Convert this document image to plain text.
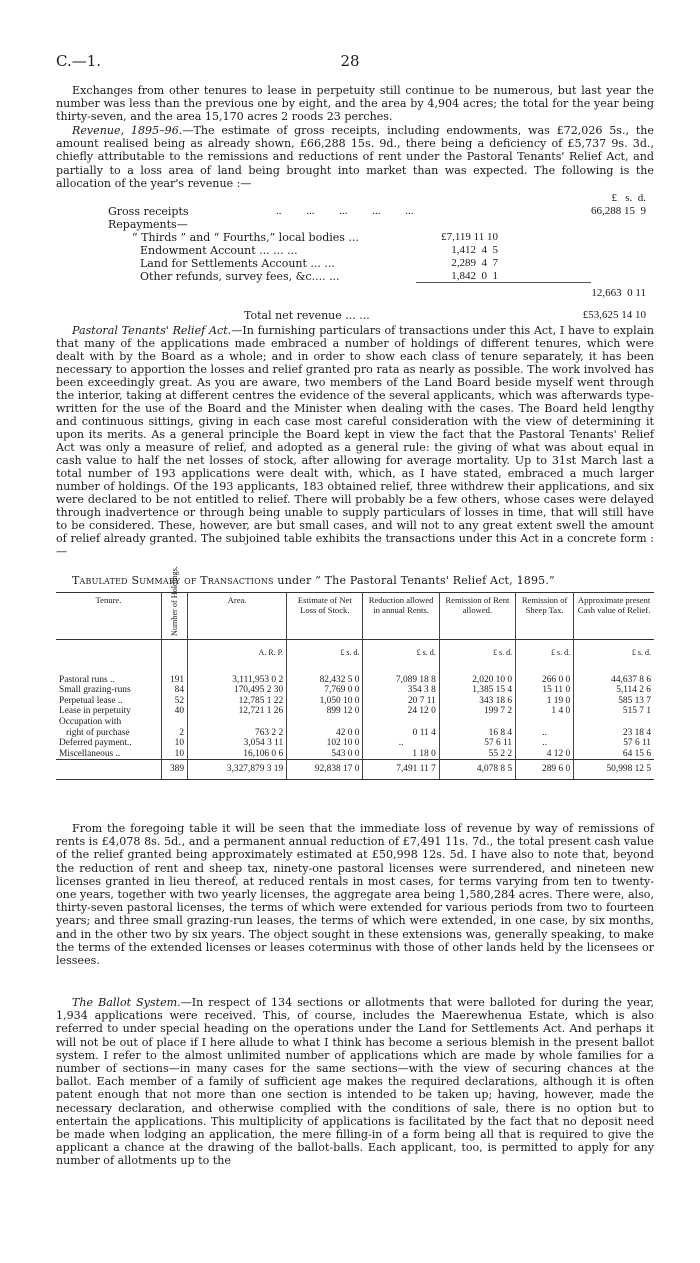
C.—1.	28

Exchanges from other tenures to lease in perpetuity still continue to be numerous, but last year the number was less than the previous one by eight, and the area by 4,904 acres; the total for the year being thirty-seven, and the area 15,170 acres 2 roods 23 perches.

Revenue, 1895–96.—The estimate of gross receipts, including endowments, was £72,026 5s., the amount realised being as already shown, £66,288 15s. 9d., there being a deficiency of £5,737 9s. 3d., chiefly attributable to the remissions and reductions of rent under the Pastoral Tenants' Relief Act, and partially to a loss area of land being brought into market than was expected. The following is the allocation of the year's revenue :—

£   s.  d.
Gross receipts	..         ...         ...         ...         ...	66,288 15  9
Repayments—
“ Thirds ” and “ Fourths,” local bodies ...	£7,119 11 10
Endowment Account ... ... ...	1,412  4  5
Land for Settlements Account ... ...	2,289  4  7
Other refunds, survey fees, &c.... ...	1,842  0  1
12,663  0 11
Total net revenue ... ...	£53,625 14 10

Pastoral Tenants' Relief Act.—In furnishing particulars of transactions under this Act, I have to explain that many of the applications made embraced a number of holdings of different tenures, which were dealt with by the Board as a whole; and in order to show each class of tenure separately, it has been necessary to apportion the losses and relief granted pro rata as nearly as possible. The work involved has been exceedingly great. As you are aware, two members of the Land Board beside myself went through the interior, taking at different centres the evidence of the several applicants, which was afterwards type-written for the use of the Board and the Minister when dealing with the cases. The Board held lengthy and continuous sittings, giving in each case most careful consideration with the view of determining it upon its merits. As a general principle the Board kept in view the fact that the Pastoral Tenants' Relief Act was only a measure of relief, and adopted as a general rule: the giving of what was about equal in cash value to half the net losses of stock, after allowing for average mortality. Up to 31st March last a total number of 193 applications were dealt with, which, as I have stated, embraced a much larger number of holdings. Of the 193 applicants, 183 obtained relief, three withdrew their applications, and six were declared to be not entitled to relief. There will probably be a few others, whose cases were delayed through inadvertence or through being unable to supply particulars of losses in time, that will still have to be considered. These, however, are but small cases, and will not to any great extent swell the amount of relief already granted. The subjoined table exhibits the transactions under this Act in a concrete form :—

Tabulated Summary of Transactions under “ The Pastoral Tenants' Relief Act, 1895.”
Tenure.	Number of Holdings.	Area.	Estimate of Net Loss of Stock.	Reduction allowed in annual Rents.	Remission of Rent allowed.	Remission of Sheep Tax.	Approximate present Cash value of Relief.
		A. R. P.	£ s. d.	£ s. d.	£ s. d.	£ s. d.	£ s. d.

Pastoral runs ..	191	3,111,953 0 2	82,432 5 0	7,089 18 8	2,020 10 0	266 0 0	44,637 8 6
Small grazing-runs	84	170,495 2 30	7,769 0 0	354 3 8	1,385 15 4	15 11 0	5,114 2 6
Perpetual lease ..	52	12,785 1 22	1,050 10 0	20 7 11	343 18 6	1 19 0	585 13 7
Lease in perpetuity	40	12,721 1 26	899 12 0	24 12 0	199 7 2	1 4 0	515 7 1
Occupation with							
right of purchase	2	763 2 2	42 0 0	0 11 4	16 8 4	..	23 18 4
Deferred payment..	10	3,054 3 11	102 10 0	..	57 6 11	..	57 6 11
Miscellaneous ..	10	16,106 0 6	543 0 0	1 18 0	55 2 2	4 12 0	64 15 6
	389	3,327,879 3 19	92,838 17 0	7,491 11 7	4,078 8 5	289 6 0	50,998 12 5

From the foregoing table it will be seen that the immediate loss of revenue by way of remissions of rents is £4,078 8s. 5d., and a permanent annual reduction of £7,491 11s. 7d., the total present cash value of the relief granted being approximately estimated at £50,998 12s. 5d. I have also to note that, beyond the reduction of rent and sheep tax, ninety-one pastoral licenses were surrendered, and nineteen new licenses granted in lieu thereof, at reduced rentals in most cases, for terms varying from ten to twenty-one years, together with two yearly licenses, the aggregate area being 1,580,284 acres. There were, also, thirty-seven pastoral licenses, the terms of which were extended for various periods from two to fourteen years; and three small grazing-run leases, the terms of which were extended, in one case, by six months, and in the other two by six years. The object sought in these extensions was, generally speaking, to make the terms of the extended licenses or leases coterminus with those of other lands held by the licensees or lessees.

The Ballot System.—In respect of 134 sections or allotments that were balloted for during the year, 1,934 applications were received. This, of course, includes the Maerewhenua Estate, which is also referred to under special heading on the operations under the Land for Settlements Act. And perhaps it will not be out of place if I here allude to what I think has become a serious blemish in the present ballot system. I refer to the almost unlimited number of applications which are made by whole families for a number of sections—in many cases for the same sections—with the view of securing chances at the ballot. Each member of a family of sufficient age makes the required declarations, although it is often patent enough that not more than one section is intended to be taken up; having, however, made the necessary declaration, and otherwise complied with the conditions of sale, there is no option but to entertain the applications. This multiplicity of applications is facilitated by the fact that no deposit need be made when lodging an application, the mere filling-in of a form being all that is required to give the applicant a chance at the drawing of the ballot-balls. Each applicant, too, is permitted to apply for any number of allotments up to the
